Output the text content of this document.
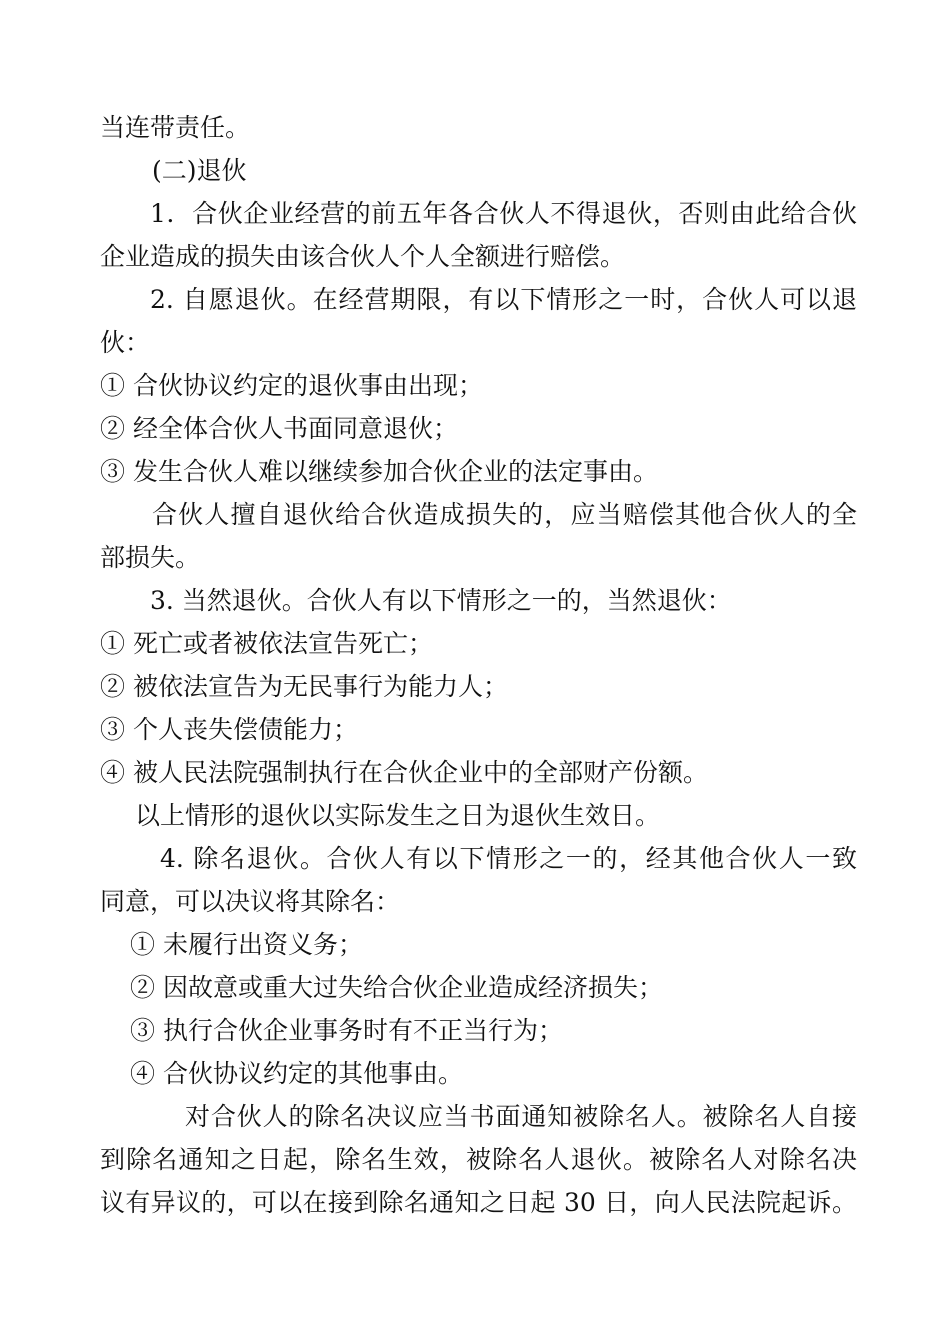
当连带责任。

(二)退伙

1．合伙企业经营的前五年各合伙人不得退伙，否则由此给合伙

企业造成的损失由该合伙人个人全额进行赔偿。

2. 自愿退伙。在经营期限，有以下情形之一时，合伙人可以退

伙：

① 合伙协议约定的退伙事由出现；

② 经全体合伙人书面同意退伙；

③ 发生合伙人难以继续参加合伙企业的法定事由。

合伙人擅自退伙给合伙造成损失的，应当赔偿其他合伙人的全

部损失。

3. 当然退伙。合伙人有以下情形之一的，当然退伙：

① 死亡或者被依法宣告死亡；

② 被依法宣告为无民事行为能力人；

③ 个人丧失偿债能力；

④ 被人民法院强制执行在合伙企业中的全部财产份额。

以上情形的退伙以实际发生之日为退伙生效日。

4. 除名退伙。合伙人有以下情形之一的，经其他合伙人一致

同意，可以决议将其除名：

① 未履行出资义务；

② 因故意或重大过失给合伙企业造成经济损失；

③ 执行合伙企业事务时有不正当行为；

④ 合伙协议约定的其他事由。

对合伙人的除名决议应当书面通知被除名人。被除名人自接

到除名通知之日起，除名生效，被除名人退伙。被除名人对除名决

议有异议的，可以在接到除名通知之日起 30 日，向人民法院起诉。
